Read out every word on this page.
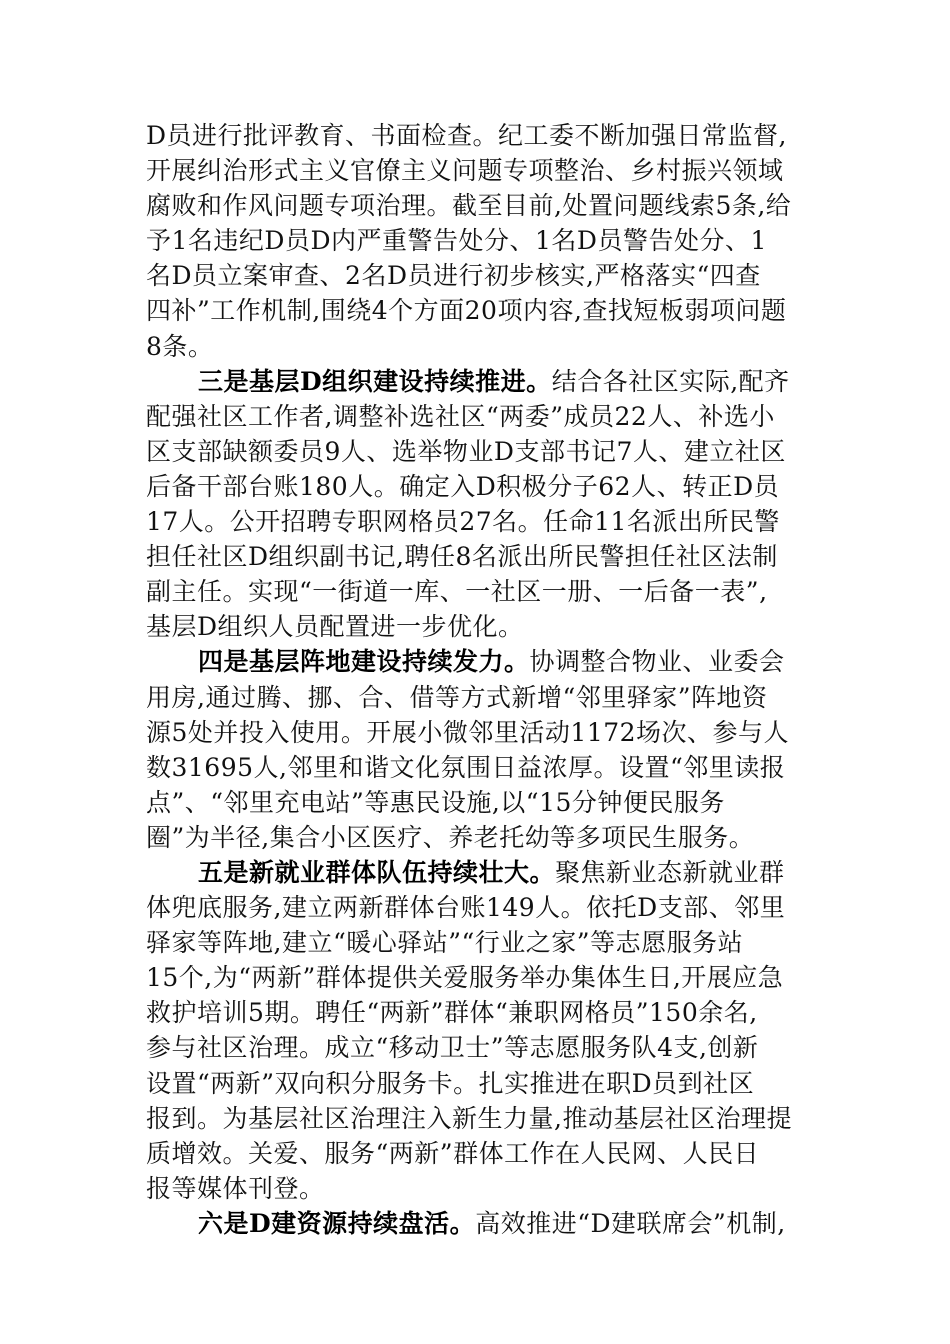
D员进行批评教育、书面检查。纪工委不断加强日常监督,
开展纠治形式主义官僚主义问题专项整治、乡村振兴领域
腐败和作风问题专项治理。截至目前,处置问题线索5条,给
予1名违纪D员D内严重警告处分、1名D员警告处分、1
名D员立案审查、2名D员进行初步核实,严格落实“四查
四补”工作机制,围绕4个方面20项内容,查找短板弱项问题
8条。
三是基层D组织建设持续推进。结合各社区实际,配齐
配强社区工作者,调整补选社区“两委”成员22人、补选小
区支部缺额委员9人、选举物业D支部书记7人、建立社区
后备干部台账180人。确定入D积极分子62人、转正D员
17人。公开招聘专职网格员27名。任命11名派出所民警
担任社区D组织副书记,聘任8名派出所民警担任社区法制
副主任。实现“一街道一库、一社区一册、一后备一表”,
基层D组织人员配置进一步优化。
四是基层阵地建设持续发力。协调整合物业、业委会
用房,通过腾、挪、合、借等方式新增“邻里驿家”阵地资
源5处并投入使用。开展小微邻里活动1172场次、参与人
数31695人,邻里和谐文化氛围日益浓厚。设置“邻里读报
点”、“邻里充电站”等惠民设施,以“15分钟便民服务
圈”为半径,集合小区医疗、养老托幼等多项民生服务。
五是新就业群体队伍持续壮大。聚焦新业态新就业群
体兜底服务,建立两新群体台账149人。依托D支部、邻里
驿家等阵地,建立“暖心驿站”“行业之家”等志愿服务站
15个,为“两新”群体提供关爱服务举办集体生日,开展应急
救护培训5期。聘任“两新”群体“兼职网格员”150余名,
参与社区治理。成立“移动卫士”等志愿服务队4支,创新
设置“两新”双向积分服务卡。扎实推进在职D员到社区
报到。为基层社区治理注入新生力量,推动基层社区治理提
质增效。关爱、服务“两新”群体工作在人民网、人民日
报等媒体刊登。
六是D建资源持续盘活。高效推进“D建联席会”机制,
